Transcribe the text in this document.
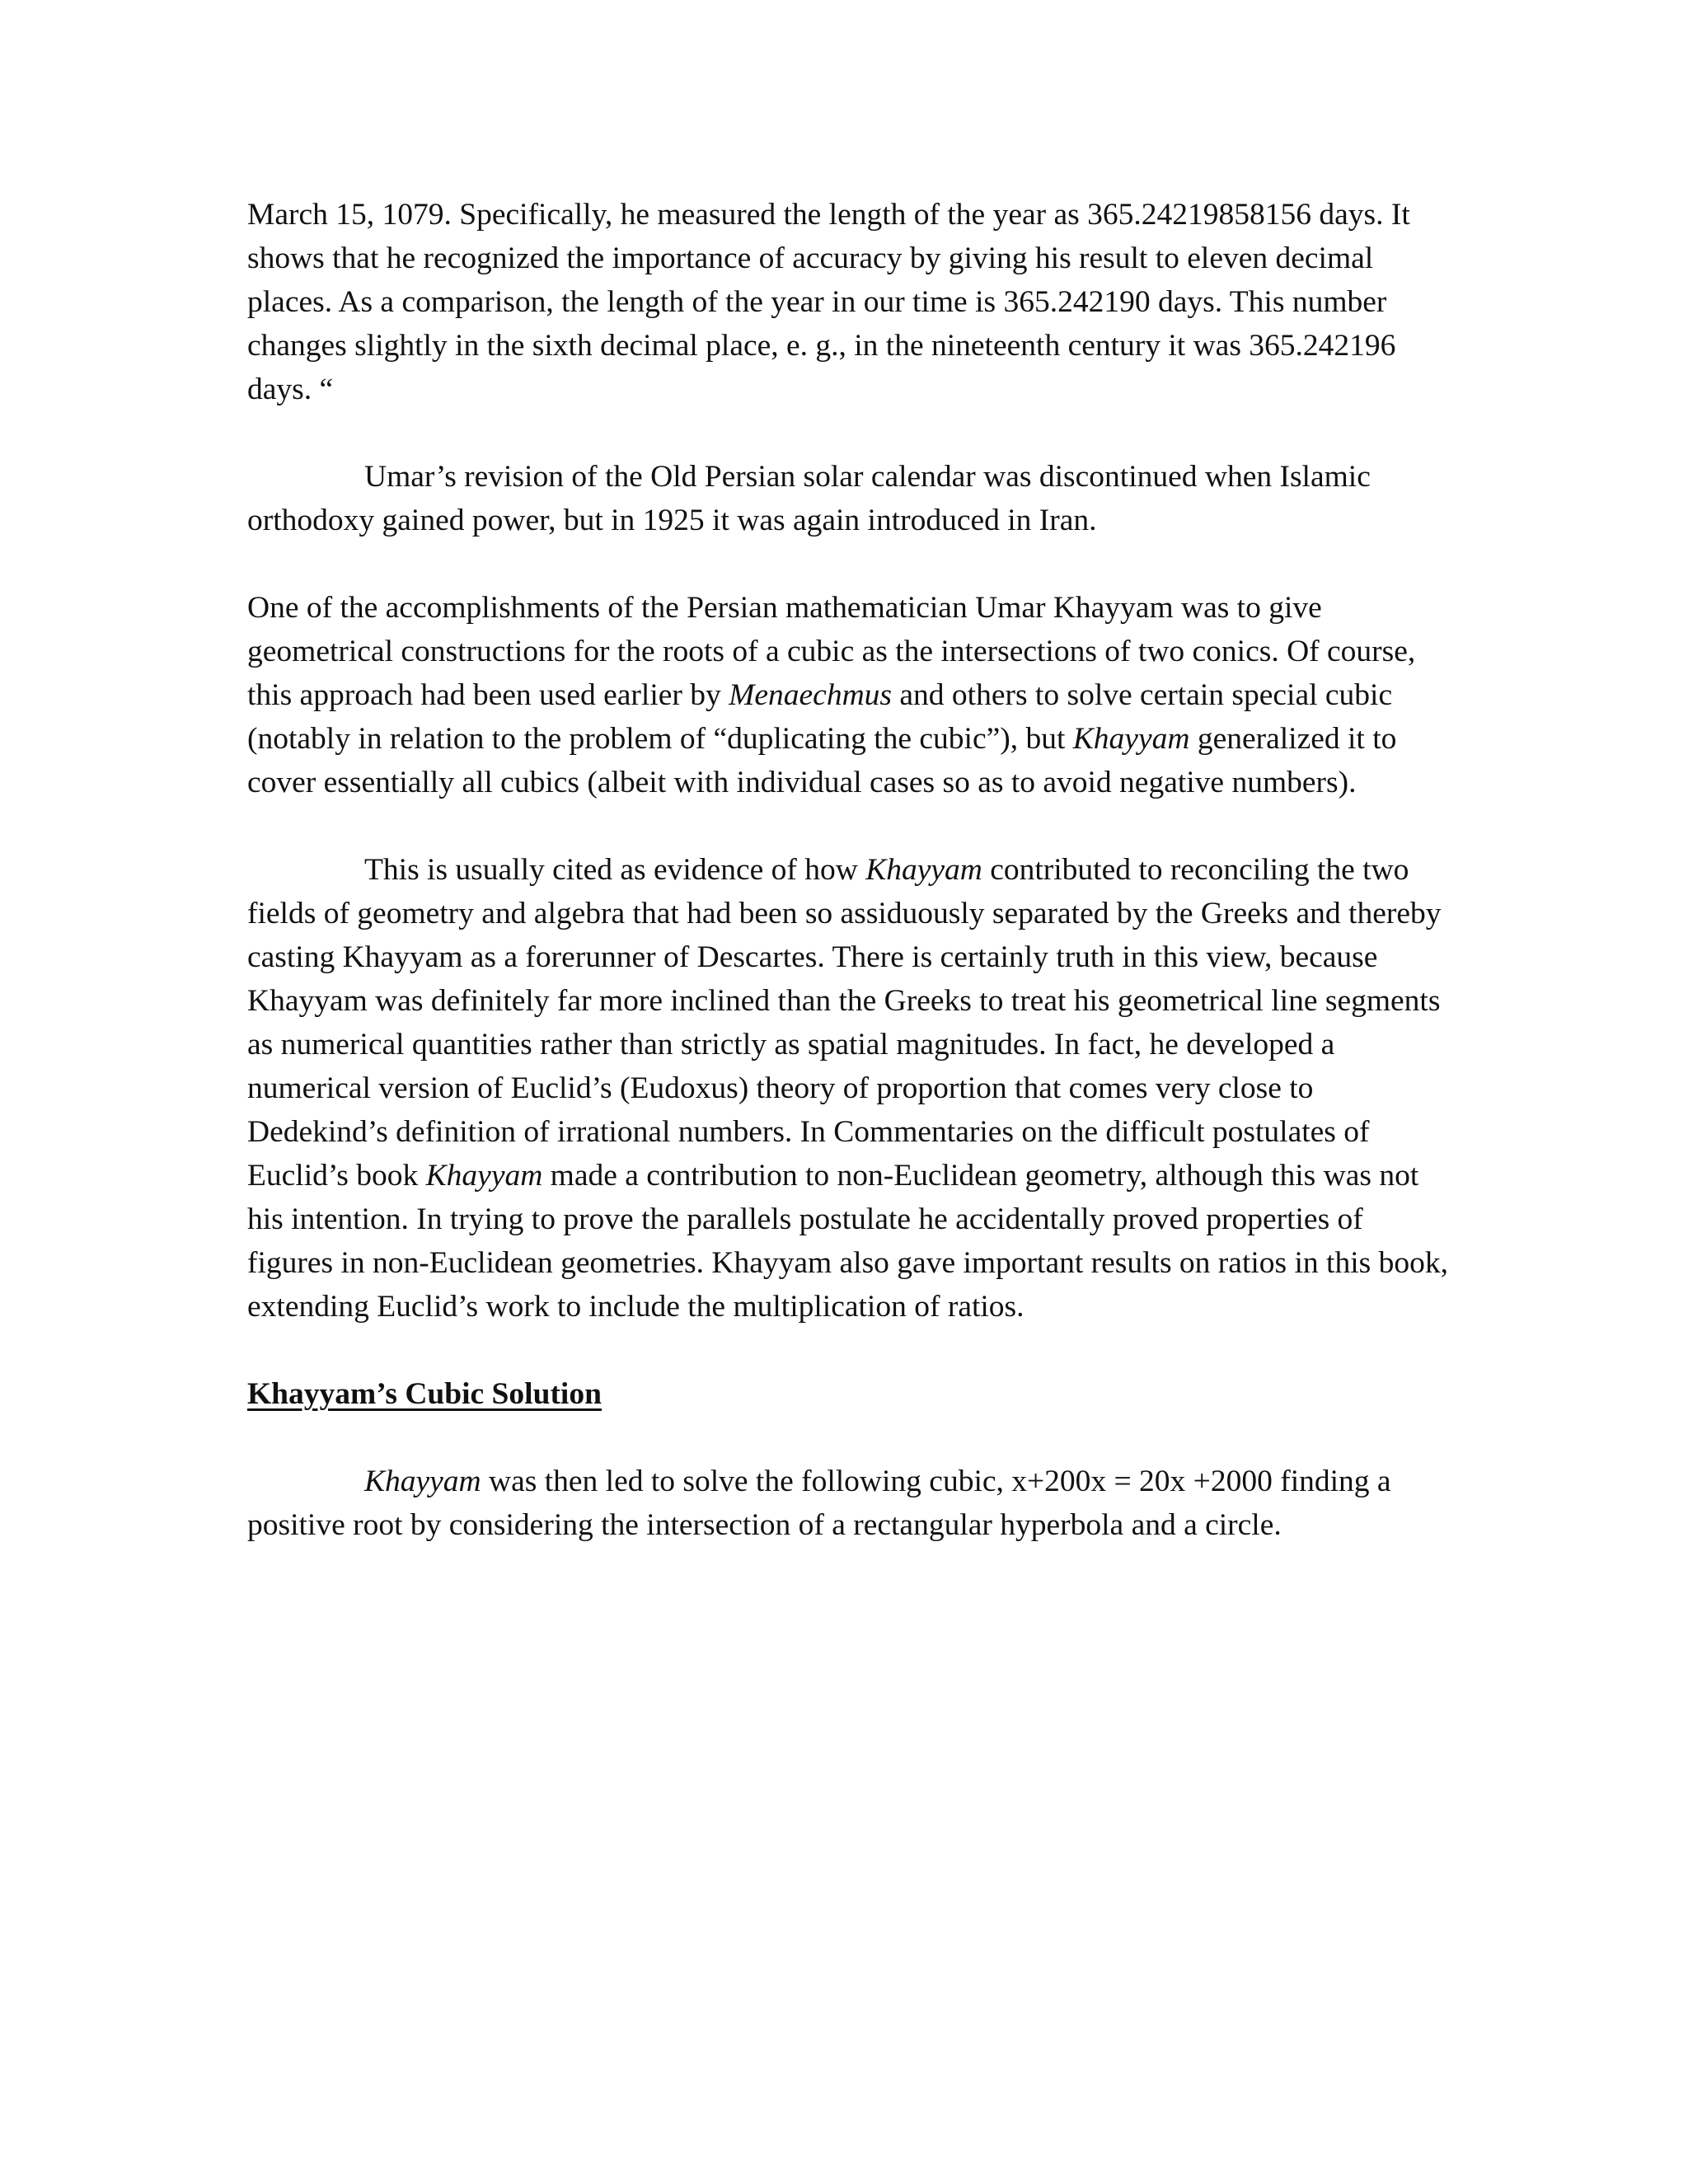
March 15, 1079. Specifically, he measured the length of the year as 365.24219858156 days. It shows that he recognized the importance of accuracy by giving his result to eleven decimal places. As a comparison, the length of the year in our time is 365.242190 days. This number changes slightly in the sixth decimal place, e. g., in the nineteenth century it was 365.242196 days. “

Umar’s revision of the Old Persian solar calendar was discontinued when Islamic orthodoxy gained power, but in 1925 it was again introduced in Iran.

One of the accomplishments of the Persian mathematician Umar Khayyam was to give geometrical constructions for the roots of a cubic as the intersections of two conics. Of course, this approach had been used earlier by Menaechmus and others to solve certain special cubic (notably in relation to the problem of “duplicating the cubic”), but Khayyam generalized it to cover essentially all cubics (albeit with individual cases so as to avoid negative numbers).

This is usually cited as evidence of how Khayyam contributed to reconciling the two fields of geometry and algebra that had been so assiduously separated by the Greeks and thereby casting Khayyam as a forerunner of Descartes. There is certainly truth in this view, because Khayyam was definitely far more inclined than the Greeks to treat his geometrical line segments as numerical quantities rather than strictly as spatial magnitudes. In fact, he developed a numerical version of Euclid’s (Eudoxus) theory of proportion that comes very close to Dedekind’s definition of irrational numbers. In Commentaries on the difficult postulates of Euclid’s book Khayyam made a contribution to non-Euclidean geometry, although this was not his intention. In trying to prove the parallels postulate he accidentally proved properties of figures in non-Euclidean geometries. Khayyam also gave important results on ratios in this book, extending Euclid’s work to include the multiplication of ratios.

Khayyam’s Cubic Solution

Khayyam was then led to solve the following cubic, x+200x = 20x +2000 finding a positive root by considering the intersection of a rectangular hyperbola and a circle.
